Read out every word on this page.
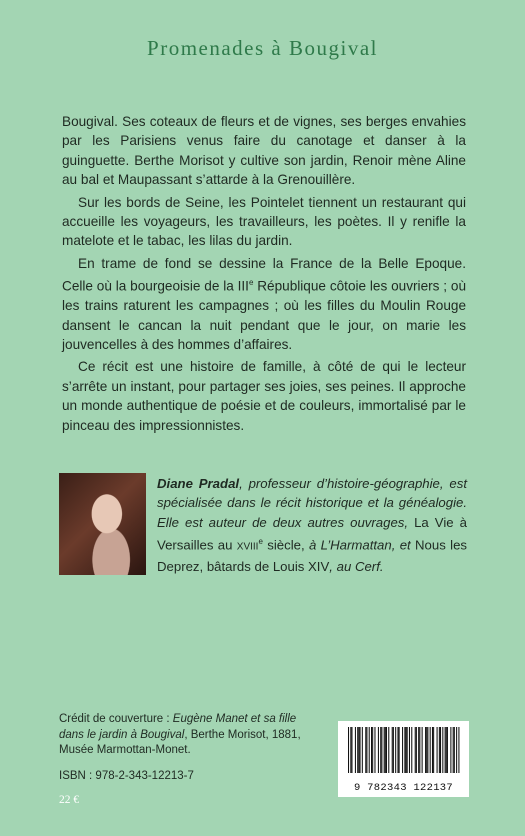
Promenades à Bougival

Bougival. Ses coteaux de fleurs et de vignes, ses berges envahies par les Parisiens venus faire du canotage et danser à la guinguette. Berthe Morisot y cultive son jardin, Renoir mène Aline au bal et Maupassant s’attarde à la Grenouillère.

Sur les bords de Seine, les Pointelet tiennent un restaurant qui accueille les voyageurs, les travailleurs, les poètes. Il y renifle la matelote et le tabac, les lilas du jardin.

En trame de fond se dessine la France de la Belle Epoque. Celle où la bourgeoisie de la IIIe République côtoie les ouvriers ; où les trains raturent les campagnes ; où les filles du Moulin Rouge dansent le cancan la nuit pendant que le jour, on marie les jouvencelles à des hommes d’affaires.

Ce récit est une histoire de famille, à côté de qui le lecteur s’arrête un instant, pour partager ses joies, ses peines. Il approche un monde authentique de poésie et de couleurs, immortalisé par le pinceau des impressionnistes.

Diane Pradal, professeur d’histoire-géographie, est spécialisée dans le récit historique et la généalogie. Elle est auteur de deux autres ouvrages, La Vie à Versailles au XVIIIe siècle, à L’Harmattan, et Nous les Deprez, bâtards de Louis XIV, au Cerf.
Crédit de couverture : Eugène Manet et sa fille dans le jardin à Bougival, Berthe Morisot, 1881, Musée Marmottan-Monet.
ISBN : 978-2-343-12213-7
22 €
9 782343 122137
